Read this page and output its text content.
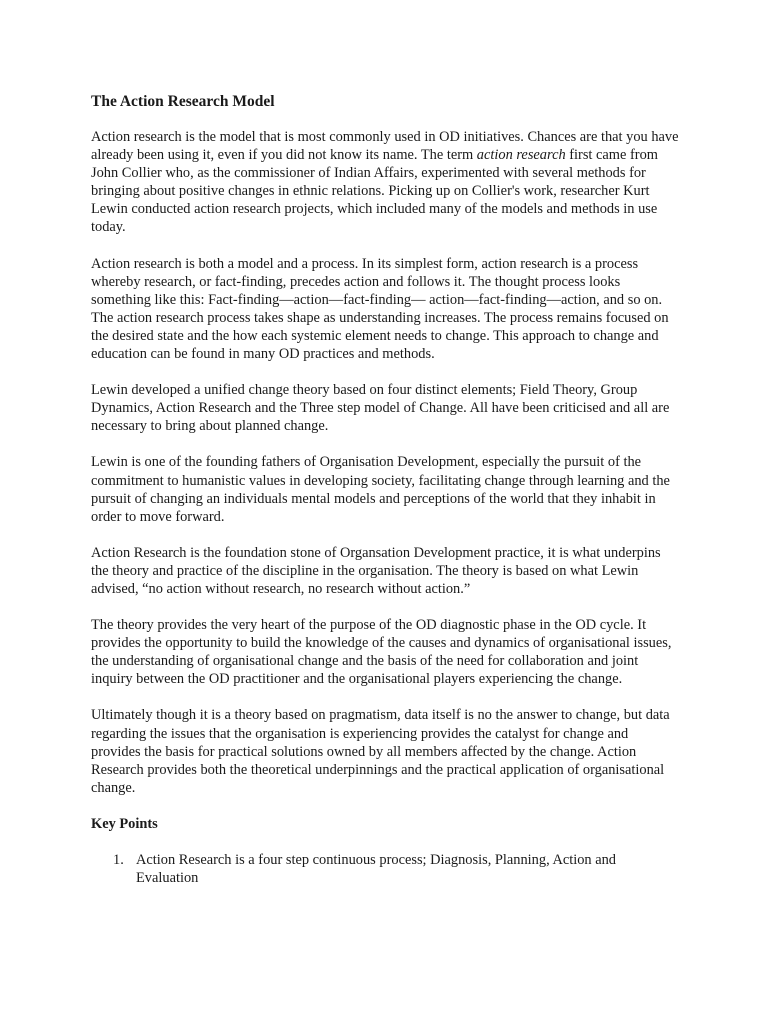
The Action Research Model
Action research is the model that is most commonly used in OD initiatives. Chances are that you have already been using it, even if you did not know its name. The term action research first came from John Collier who, as the commissioner of Indian Affairs, experimented with several methods for bringing about positive changes in ethnic relations. Picking up on Collier's work, researcher Kurt Lewin conducted action research projects, which included many of the models and methods in use today.
Action research is both a model and a process. In its simplest form, action research is a process whereby research, or fact-finding, precedes action and follows it. The thought process looks something like this: Fact-finding—action—fact-finding— action—fact-finding—action, and so on. The action research process takes shape as understanding increases. The process remains focused on the desired state and the how each systemic element needs to change. This approach to change and education can be found in many OD practices and methods.
Lewin developed a unified change theory based on four distinct elements; Field Theory, Group Dynamics, Action Research and the Three step model of Change. All have been criticised and all are necessary to bring about planned change.
Lewin is one of the founding fathers of Organisation Development, especially the pursuit of the commitment to humanistic values in developing society, facilitating change through learning and the pursuit of changing an individuals mental models and perceptions of the world that they inhabit in order to move forward.
Action Research is the foundation stone of Organsation Development practice, it is what underpins the theory and practice of the discipline in the organisation. The theory is based on what Lewin advised, “no action without research, no research without action.”
The theory provides the very heart of the purpose of the OD diagnostic phase in the OD cycle. It provides the opportunity to build the knowledge of the causes and dynamics of organisational issues, the understanding of organisational change and the basis of the need for collaboration and joint inquiry between the OD practitioner and the organisational players experiencing the change.
Ultimately though it is a theory based on pragmatism, data itself is no the answer to change, but data regarding the issues that the organisation is experiencing provides the catalyst for change and provides the basis for practical solutions owned by all members affected by the change. Action Research provides both the theoretical underpinnings and the practical application of organisational change.
Key Points
1. Action Research is a four step continuous process; Diagnosis, Planning, Action and Evaluation
